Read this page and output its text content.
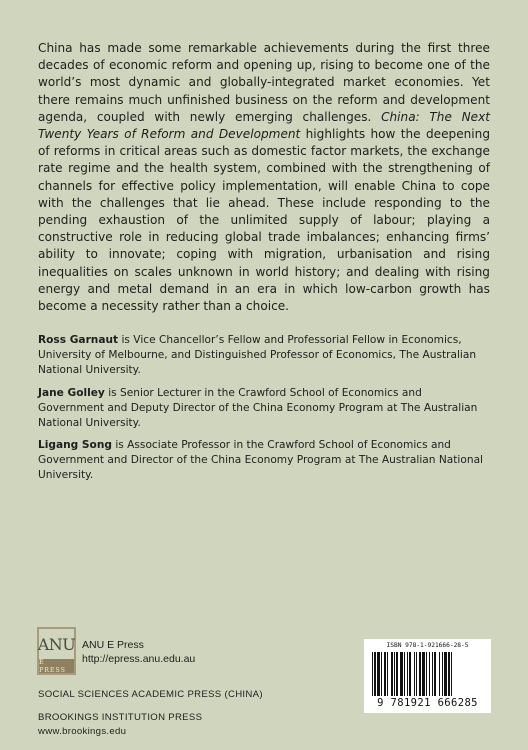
China has made some remarkable achievements during the first three decades of economic reform and opening up, rising to become one of the world’s most dynamic and globally-integrated market economies. Yet there remains much unfinished business on the reform and development agenda, coupled with newly emerging challenges. China: The Next Twenty Years of Reform and Development highlights how the deepening of reforms in critical areas such as domestic factor markets, the exchange rate regime and the health system, combined with the strengthening of channels for effective policy implementation, will enable China to cope with the challenges that lie ahead. These include responding to the pending exhaustion of the unlimited supply of labour; playing a constructive role in reducing global trade imbalances; enhancing firms’ ability to innovate; coping with migration, urbanisation and rising inequalities on scales unknown in world history; and dealing with rising energy and metal demand in an era in which low-carbon growth has become a necessity rather than a choice.

Ross Garnaut is Vice Chancellor’s Fellow and Professorial Fellow in Economics, University of Melbourne, and Distinguished Professor of Economics, The Australian National University.

Jane Golley is Senior Lecturer in the Crawford School of Economics and Government and Deputy Director of the China Economy Program at The Australian National University.

Ligang Song is Associate Professor in the Crawford School of Economics and Government and Director of the China Economy Program at The Australian National University.

ANU
E PRESS
ANU E Press
http://epress.anu.edu.au
SOCIAL SCIENCES ACADEMIC PRESS (CHINA)
BROOKINGS INSTITUTION PRESS
www.brookings.edu
ISBN 978-1-921666-28-5
9 781921 666285
